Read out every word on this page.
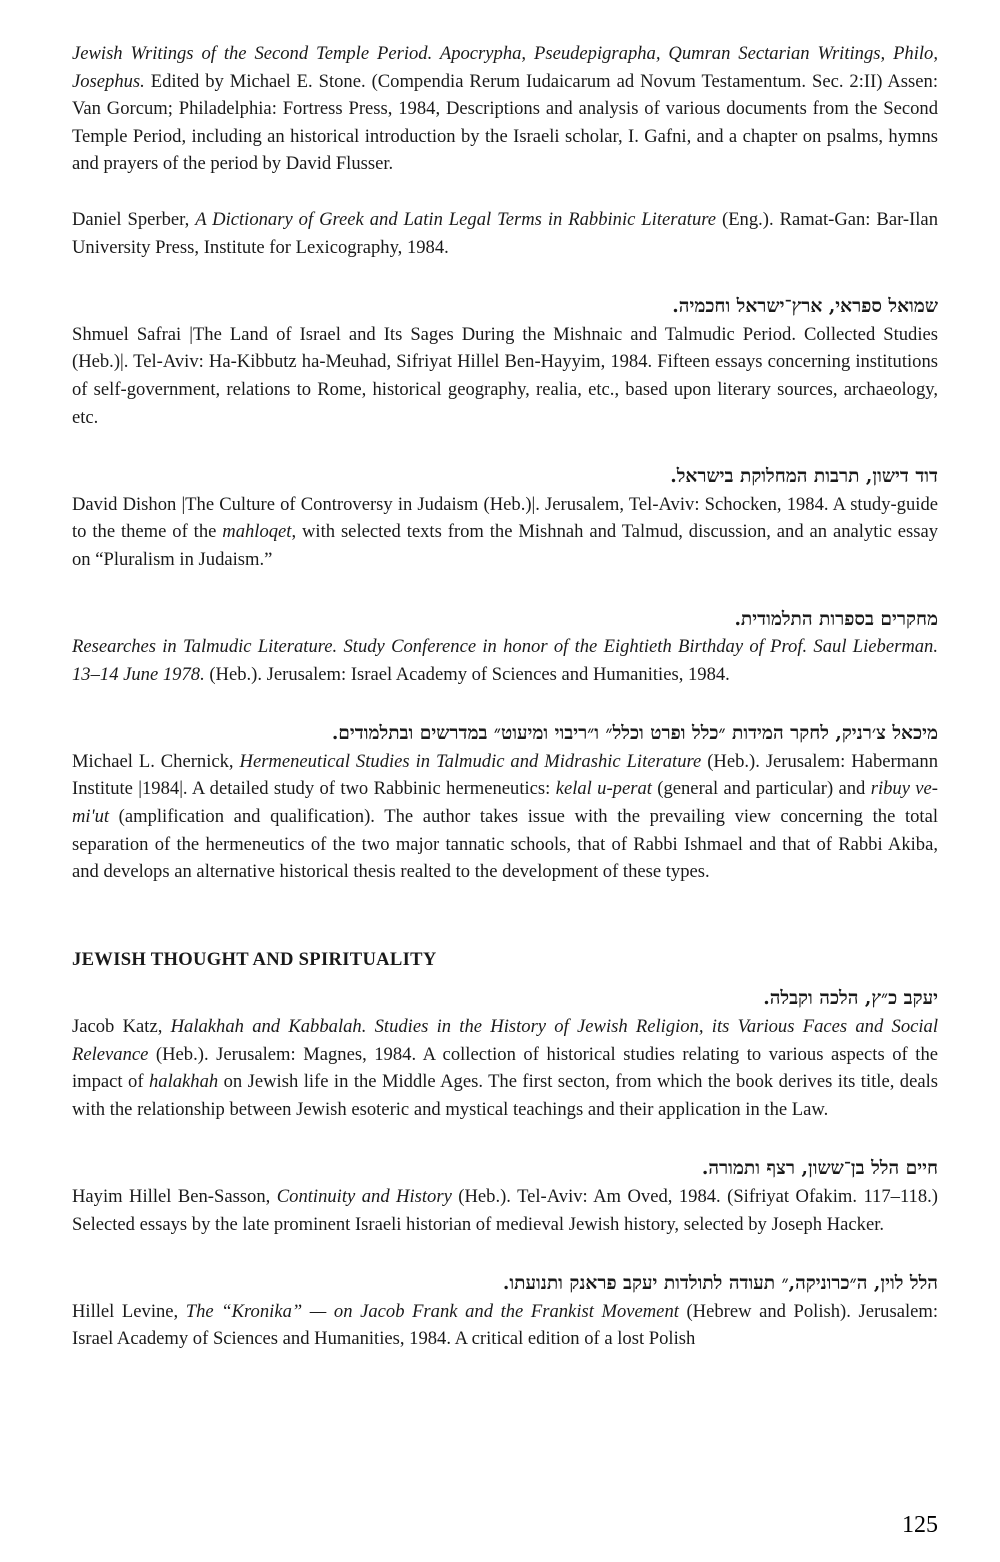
Jewish Writings of the Second Temple Period. Apocrypha, Pseudepigrapha, Qumran Sectarian Writings, Philo, Josephus. Edited by Michael E. Stone. (Compendia Rerum Iudaicarum ad Novum Testamentum. Sec. 2:II) Assen: Van Gorcum; Philadelphia: Fortress Press, 1984, Descriptions and analysis of various documents from the Second Temple Period, including an historical introduction by the Israeli scholar, I. Gafni, and a chapter on psalms, hymns and prayers of the period by David Flusser.

Daniel Sperber, A Dictionary of Greek and Latin Legal Terms in Rabbinic Literature (Eng.). Ramat-Gan: Bar-Ilan University Press, Institute for Lexicography, 1984.

שמואל ספראי, ארץ־ישראל וחכמיה.

Shmuel Safrai |The Land of Israel and Its Sages During the Mishnaic and Talmudic Period. Collected Studies (Heb.)|. Tel-Aviv: Ha-Kibbutz ha-Meuhad, Sifriyat Hillel Ben-Hayyim, 1984. Fifteen essays concerning institutions of self-government, relations to Rome, historical geography, realia, etc., based upon literary sources, archaeology, etc.

דוד דישון, תרבות המחלוקת בישראל.

David Dishon |The Culture of Controversy in Judaism (Heb.)|. Jerusalem, Tel-Aviv: Schocken, 1984. A study-guide to the theme of the mahloqet, with selected texts from the Mishnah and Talmud, discussion, and an analytic essay on “Pluralism in Judaism.”

מחקרים בספרות התלמודית.

Researches in Talmudic Literature. Study Conference in honor of the Eightieth Birthday of Prof. Saul Lieberman. 13–14 June 1978. (Heb.). Jerusalem: Israel Academy of Sciences and Humanities, 1984.

מיכאל צ׳רניק, לחקר המידות ״כלל ופרט וכלל״ ו״ריבוי ומיעוט״ במדרשים ובתלמודים.

Michael L. Chernick, Hermeneutical Studies in Talmudic and Midrashic Literature (Heb.). Jerusalem: Habermann Institute |1984|. A detailed study of two Rabbinic hermeneutics: kelal u-perat (general and particular) and ribuy ve-mi'ut (amplification and qualification). The author takes issue with the prevailing view concerning the total separation of the hermeneutics of the two major tannatic schools, that of Rabbi Ishmael and that of Rabbi Akiba, and develops an alternative historical thesis realted to the development of these types.

JEWISH THOUGHT AND SPIRITUALITY

יעקב כ״ץ, הלכה וקבלה.

Jacob Katz, Halakhah and Kabbalah. Studies in the History of Jewish Religion, its Various Faces and Social Relevance (Heb.). Jerusalem: Magnes, 1984. A collection of historical studies relating to various aspects of the impact of halakhah on Jewish life in the Middle Ages. The first secton, from which the book derives its title, deals with the relationship between Jewish esoteric and mystical teachings and their application in the Law.

חיים הלל בן־ששון, רצף ותמורה.

Hayim Hillel Ben-Sasson, Continuity and History (Heb.). Tel-Aviv: Am Oved, 1984. (Sifriyat Ofakim. 117–118.) Selected essays by the late prominent Israeli historian of medieval Jewish history, selected by Joseph Hacker.

הלל לוין, ה״כרוניקה,״ תעודה לתולדות יעקב פראנק ותנועתו.

Hillel Levine, The “Kronika” — on Jacob Frank and the Frankist Movement (Hebrew and Polish). Jerusalem: Israel Academy of Sciences and Humanities, 1984. A critical edition of a lost Polish

125
